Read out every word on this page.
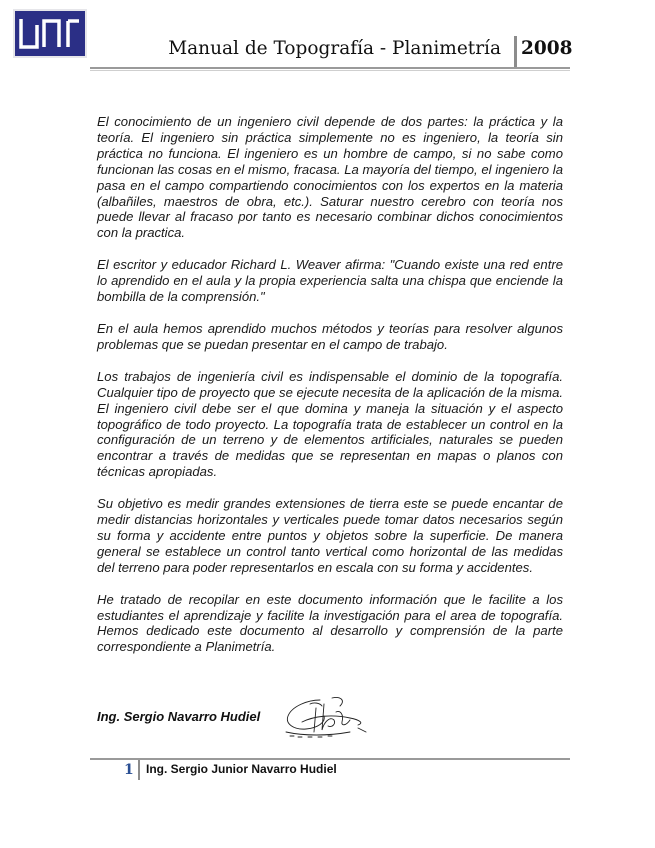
Manual de Topografía - Planimetría 2008

El conocimiento de un ingeniero civil depende de dos partes: la práctica y la teoría. El ingeniero sin práctica simplemente no es ingeniero, la teoría sin práctica no funciona. El ingeniero es un hombre de campo, si no sabe como funcionan las cosas en el mismo, fracasa. La mayoría del tiempo, el ingeniero la pasa en el campo compartiendo conocimientos con los expertos en la materia (albañiles, maestros de obra, etc.). Saturar nuestro cerebro con teoría nos puede llevar al fracaso por tanto es necesario combinar dichos conocimientos con la practica.

El escritor y educador Richard L. Weaver afirma: "Cuando existe una red entre lo aprendido en el aula y la propia experiencia salta una chispa que enciende la bombilla de la comprensión."

En el aula hemos aprendido muchos métodos y teorías para resolver algunos problemas que se puedan presentar en el campo de trabajo.

Los trabajos de ingeniería civil es indispensable el dominio de la topografía. Cualquier tipo de proyecto que se ejecute necesita de la aplicación de la misma. El ingeniero civil debe ser el que domina y maneja la situación y el aspecto topográfico de todo proyecto. La topografía trata de establecer un control en la configuración de un terreno y de elementos artificiales, naturales se pueden encontrar a través de medidas que se representan en mapas o planos con técnicas apropiadas.

Su objetivo es medir grandes extensiones de tierra este se puede encantar de medir distancias horizontales y verticales puede tomar datos necesarios según su forma y accidente entre puntos y objetos sobre la superficie. De manera general se establece un control tanto vertical como horizontal de las medidas del terreno para poder representarlos en escala con su forma y accidentes.

He tratado de recopilar en este documento información que le facilite a los estudiantes el aprendizaje y facilite la investigación para el area de topografía. Hemos dedicado este documento al desarrollo y comprensión de la parte correspondiente a Planimetría.

Ing. Sergio Navarro Hudiel
1 Ing. Sergio Junior Navarro Hudiel
